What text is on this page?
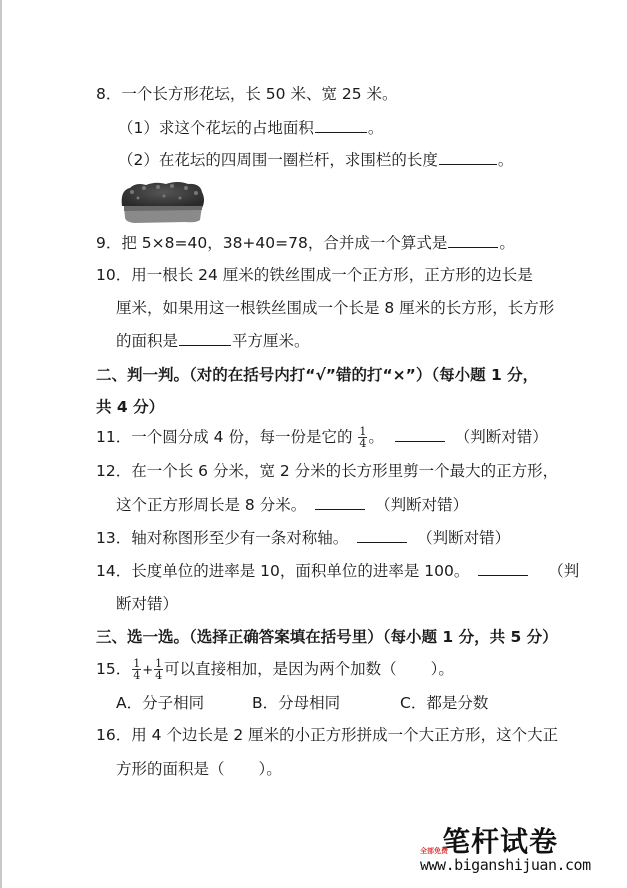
8．一个长方形花坛，长 50 米、宽 25 米。
（1）求这个花坛的占地面积	。
（2）在花坛的四周围一圈栏杆，求围栏的长度	。
9．把 5×8=40，38+40=78，合并成一个算式是	。
10．用一根长 24 厘米的铁丝围成一个正方形，正方形的边长是
厘米，如果用这一根铁丝围成一个长是 8 厘米的长方形，长方形
的面积是	平方厘米。
二、判一判。（对的在括号内打“√”错的打“×”）（每小题 1 分，
共 4 分）
11．一个圆分成 4 份，每一份是它的 $\frac{1}{4}$ 。	（判断对错）
12．在一个长 6 分米，宽 2 分米的长方形里剪一个最大的正方形，
这个正方形周长是 8 分米。	（判断对错）
13．轴对称图形至少有一条对称轴。	（判断对错）
14．长度单位的进率是 10，面积单位的进率是 100。	（判
断对错）
三、选一选。（选择正确答案填在括号里）（每小题 1 分，共 5 分）
15． $\frac{1}{4} + \frac{1}{4}$ 可以直接相加，是因为两个加数（ ）。
A．分子相同	B．分母相同	C．都是分数
16．用 4 个边长是 2 厘米的小正方形拼成一个大正方形，这个大正
方形的面积是（ ）。
笔杆试卷
全部免费
www.biganshijuan.com
